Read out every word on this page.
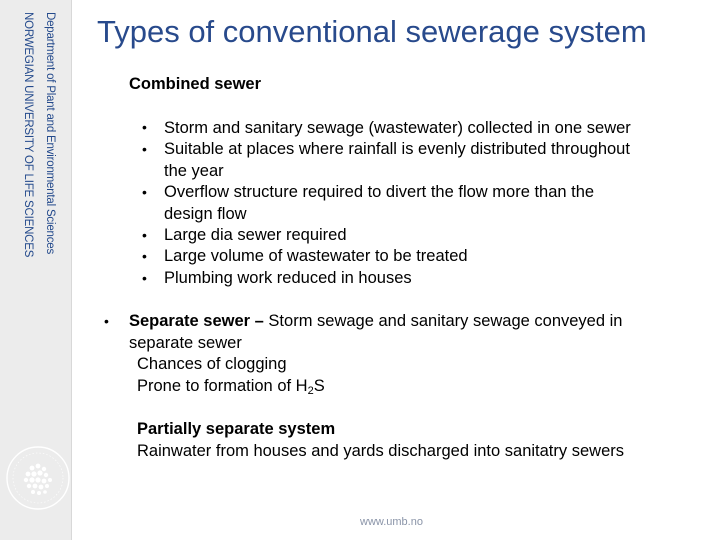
Department of Plant and Environmental Sciences
NORWEGIAN UNIVERSITY OF LIFE SCIENCES Types of conventional sewerage system
Combined sewer
• Storm and sanitary sewage (wastewater) collected in one sewer
• Suitable at places where rainfall is evenly distributed throughout
the year
• Overflow structure required to divert the flow more than the
design flow
• Large dia sewer required
• Large volume of wastewater to be treated
• Plumbing work reduced in houses
• Separate sewer – Storm sewage and sanitary sewage conveyed in
separate sewer
Chances of clogging
Prone to formation of $H_2S$
Partially separate system
Rainwater from houses and yards discharged into sanitatry sewers
www.umb.no
